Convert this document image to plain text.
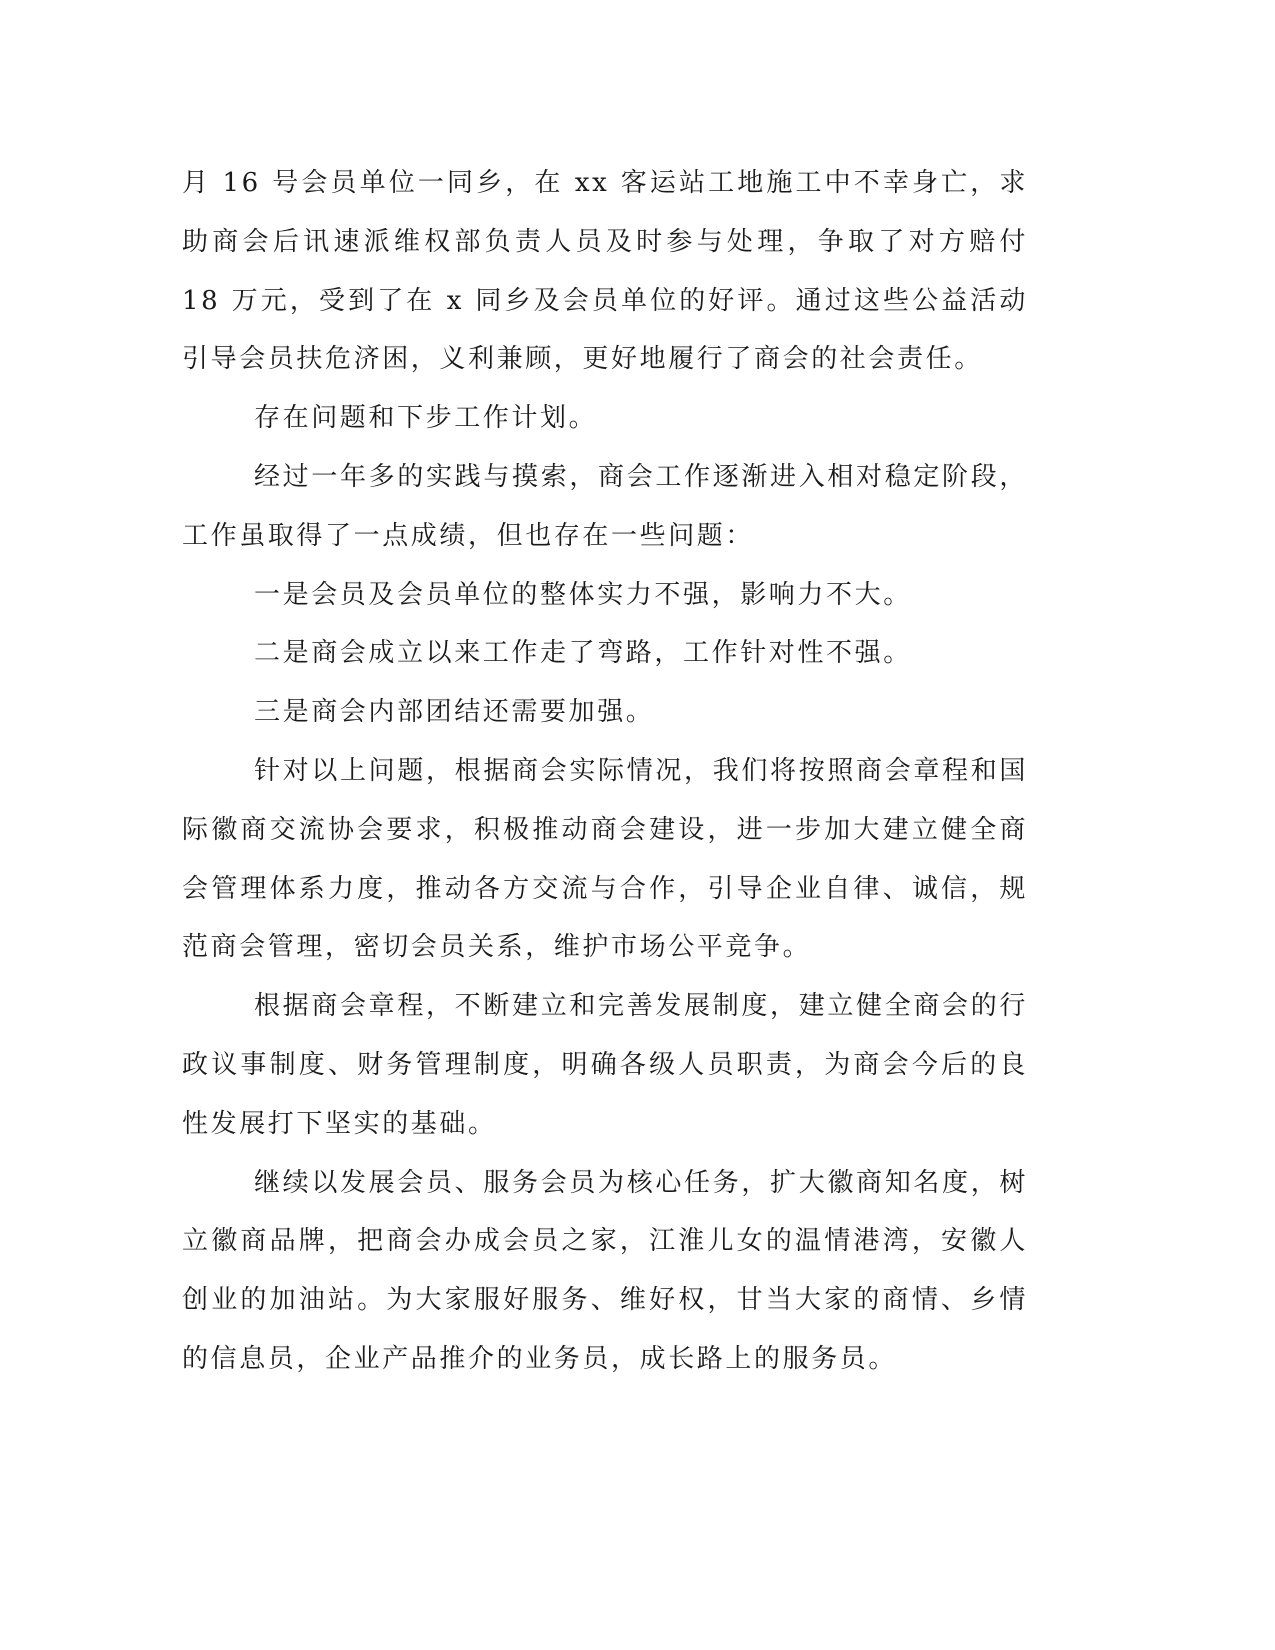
月 16 号会员单位一同乡，在 xx 客运站工地施工中不幸身亡，求助商会后讯速派维权部负责人员及时参与处理，争取了对方赔付 18 万元，受到了在 x 同乡及会员单位的好评。通过这些公益活动引导会员扶危济困，义利兼顾，更好地履行了商会的社会责任。

存在问题和下步工作计划。

经过一年多的实践与摸索，商会工作逐渐进入相对稳定阶段，工作虽取得了一点成绩，但也存在一些问题：

一是会员及会员单位的整体实力不强，影响力不大。

二是商会成立以来工作走了弯路，工作针对性不强。

三是商会内部团结还需要加强。

针对以上问题，根据商会实际情况，我们将按照商会章程和国际徽商交流协会要求，积极推动商会建设，进一步加大建立健全商会管理体系力度，推动各方交流与合作，引导企业自律、诚信，规范商会管理，密切会员关系，维护市场公平竞争。

根据商会章程，不断建立和完善发展制度，建立健全商会的行政议事制度、财务管理制度，明确各级人员职责，为商会今后的良性发展打下坚实的基础。

继续以发展会员、服务会员为核心任务，扩大徽商知名度，树立徽商品牌，把商会办成会员之家，江淮儿女的温情港湾，安徽人创业的加油站。为大家服好服务、维好权，甘当大家的商情、乡情的信息员，企业产品推介的业务员，成长路上的服务员。
